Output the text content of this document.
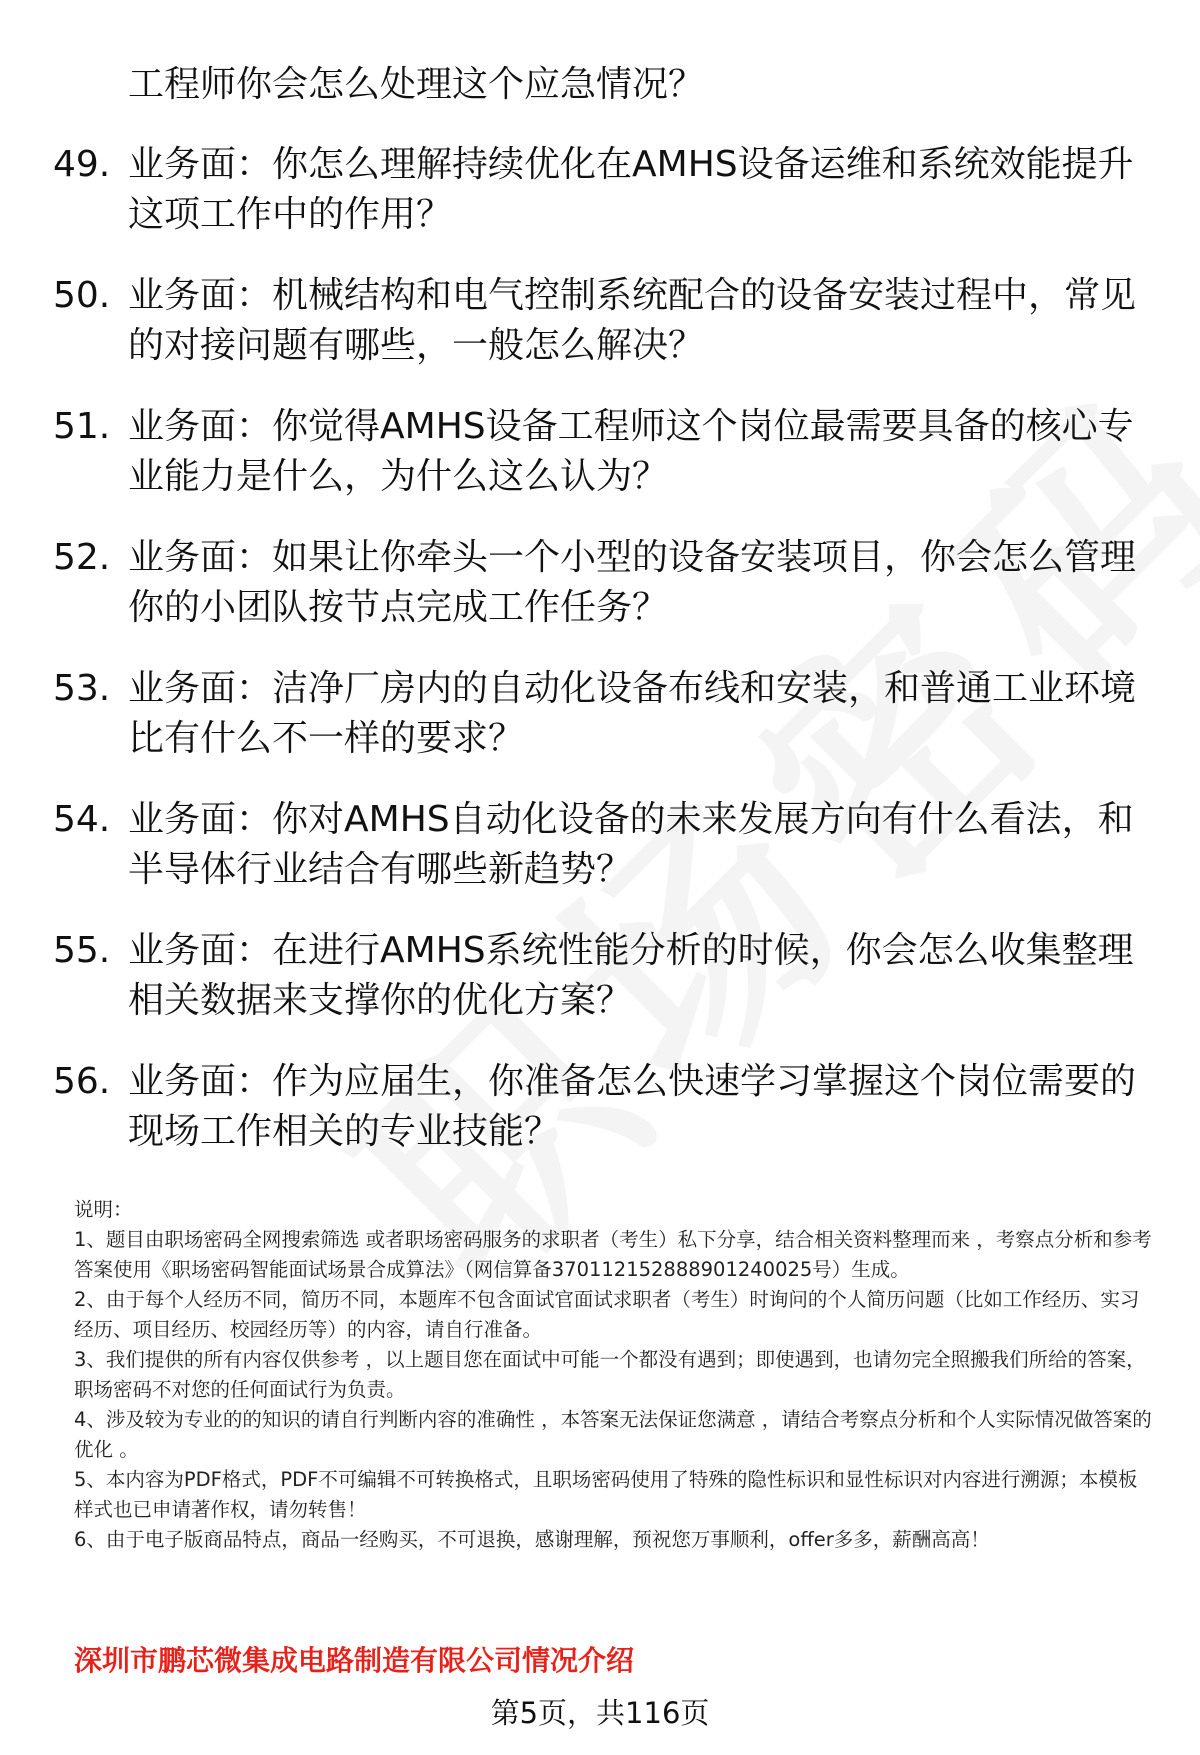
工程师你会怎么处理这个应急情况？
49. 业务面：你怎么理解持续优化在AMHS设备运维和系统效能提升这项工作中的作用？
50. 业务面：机械结构和电气控制系统配合的设备安装过程中，常见的对接问题有哪些，一般怎么解决？
51. 业务面：你觉得AMHS设备工程师这个岗位最需要具备的核心专业能力是什么，为什么这么认为？
52. 业务面：如果让你牵头一个小型的设备安装项目，你会怎么管理你的小团队按节点完成工作任务？
53. 业务面：洁净厂房内的自动化设备布线和安装，和普通工业环境比有什么不一样的要求？
54. 业务面：你对AMHS自动化设备的未来发展方向有什么看法，和半导体行业结合有哪些新趋势？
55. 业务面：在进行AMHS系统性能分析的时候，你会怎么收集整理相关数据来支撑你的优化方案？
56. 业务面：作为应届生，你准备怎么快速学习掌握这个岗位需要的现场工作相关的专业技能？

说明：

1、题目由职场密码全网搜索筛选 或者职场密码服务的求职者（考生）私下分享，结合相关资料整理而来 ，考察点分析和参考答案使用《职场密码智能面试场景合成算法》（网信算备370112152888901240025号）生成。

2、由于每个人经历不同，简历不同，本题库不包含面试官面试求职者（考生）时询问的个人简历问题（比如工作经历、实习经历、项目经历、校园经历等）的内容，请自行准备。

3、我们提供的所有内容仅供参考 ，以上题目您在面试中可能一个都没有遇到；即使遇到，也请勿完全照搬我们所给的答案，职场密码不对您的任何面试行为负责。

4、涉及较为专业的的知识的请自行判断内容的准确性 ，本答案无法保证您满意 ，请结合考察点分析和个人实际情况做答案的优化 。

5、本内容为PDF格式，PDF不可编辑不可转换格式，且职场密码使用了特殊的隐性标识和显性标识对内容进行溯源；本模板样式也已申请著作权，请勿转售！

6、由于电子版商品特点，商品一经购买，不可退换，感谢理解，预祝您万事顺利，offer多多，薪酬高高！

深圳市鹏芯微集成电路制造有限公司情况介绍
第5页，共116页
